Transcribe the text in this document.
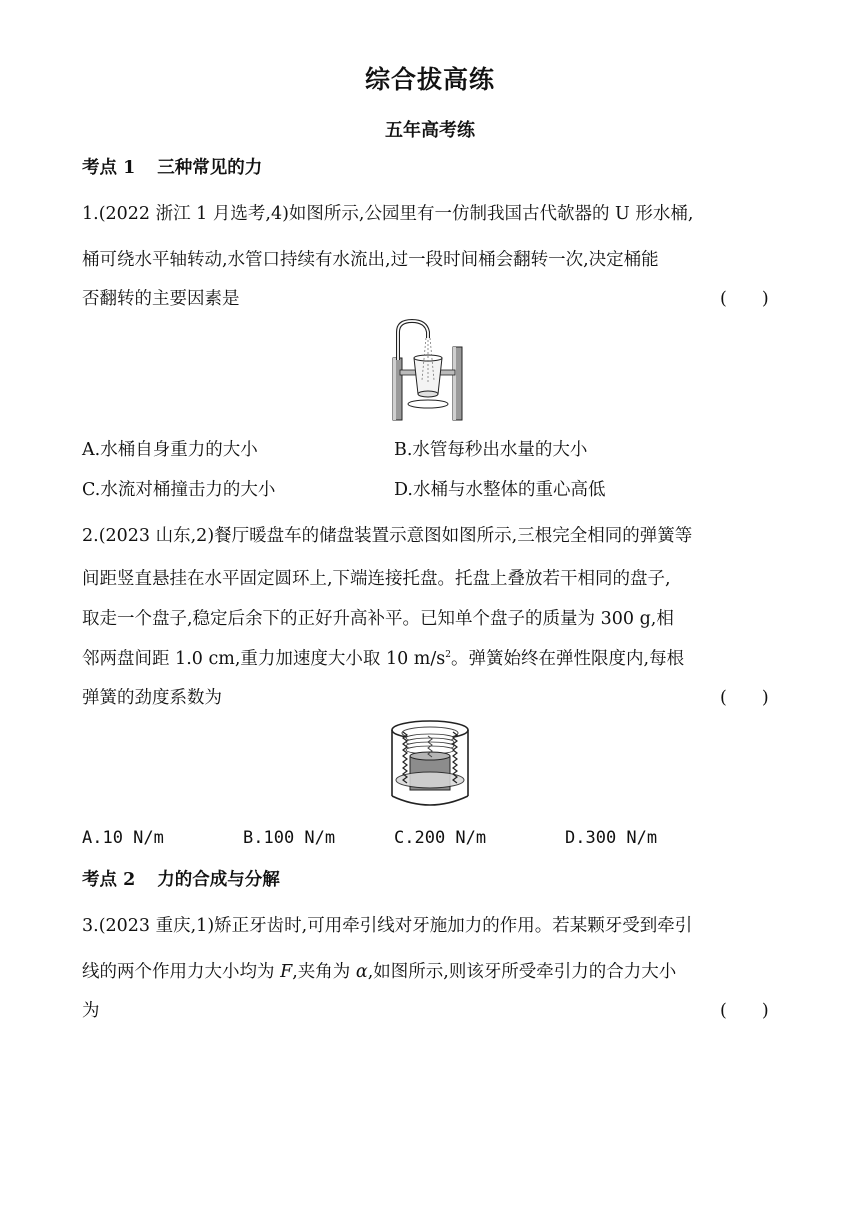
综合拔高练
五年高考练
考点 1 三种常见的力
1.(2022 浙江 1 月选考,4)如图所示,公园里有一仿制我国古代欹器的 U 形水桶,
桶可绕水平轴转动,水管口持续有水流出,过一段时间桶会翻转一次,决定桶能
否翻转的主要因素是	(　　)
A.水桶自身重力的大小	B.水管每秒出水量的大小
C.水流对桶撞击力的大小	D.水桶与水整体的重心高低
2.(2023 山东,2)餐厅暖盘车的储盘装置示意图如图所示,三根完全相同的弹簧等
间距竖直悬挂在水平固定圆环上,下端连接托盘。托盘上叠放若干相同的盘子,
取走一个盘子,稳定后余下的正好升高补平。已知单个盘子的质量为 300 g,相
邻两盘间距 1.0 cm,重力加速度大小取 10 $m/s^2$。弹簧始终在弹性限度内,每根
弹簧的劲度系数为	(　　)
A.10 N/m	B.100 N/m	C.200 N/m	D.300 N/m
考点 2 力的合成与分解
3.(2023 重庆,1)矫正牙齿时,可用牵引线对牙施加力的作用。若某颗牙受到牵引
线的两个作用力大小均为 F,夹角为 α,如图所示,则该牙所受牵引力的合力大小
为	(　　)
